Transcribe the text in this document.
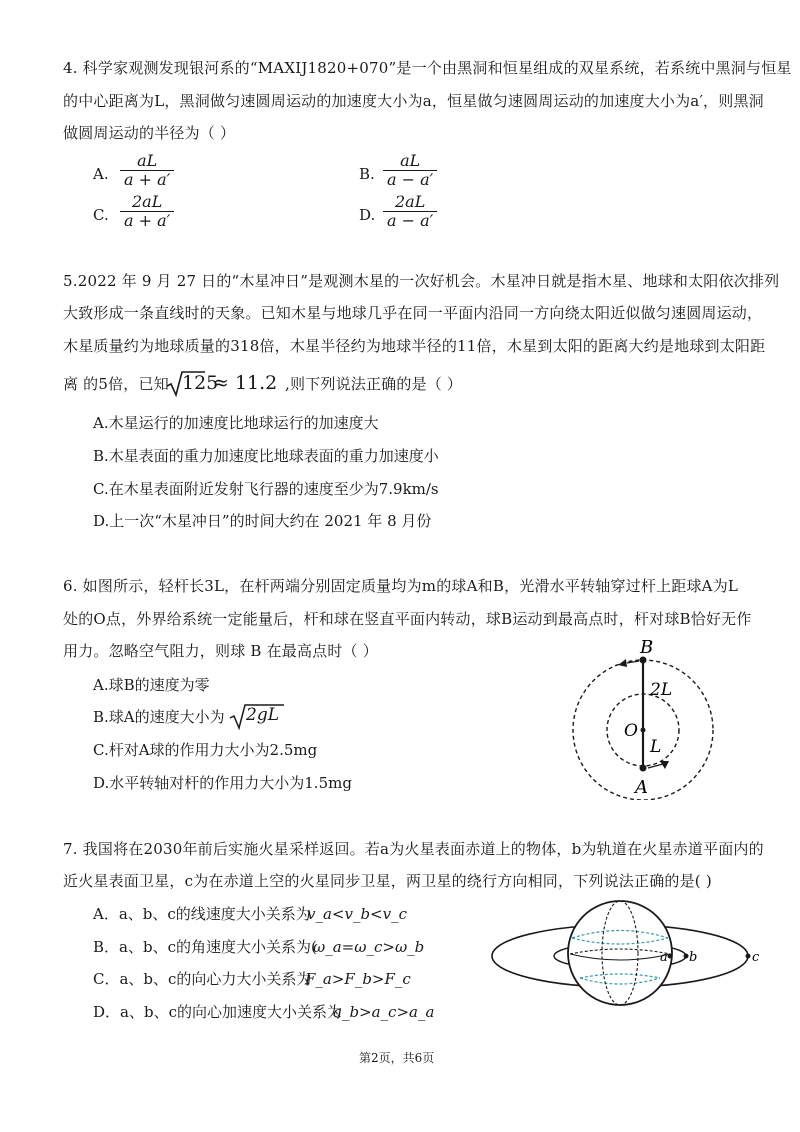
4. 科学家观测发现银河系的“MAXIJ1820+070”是一个由黑洞和恒星组成的双星系统，若系统中黑洞与恒星
的中心距离为L，黑洞做匀速圆周运动的加速度大小为a，恒星做匀速圆周运动的加速度大小为a′，则黑洞
做圆周运动的半径为（ ）
A. $\frac{aL}{a + a'}$	B. $\frac{aL}{a - a'}$
C. $\frac{2aL}{a + a'}$	D. $\frac{2aL}{a - a'}$
5.2022 年 9 月 27 日的“木星冲日”是观测木星的一次好机会。木星冲日就是指木星、地球和太阳依次排列
大致形成一条直线时的天象。已知木星与地球几乎在同一平面内沿同一方向绕太阳近似做匀速圆周运动，
木星质量约为地球质量的318倍，木星半径约为地球半径的11倍，木星到太阳的距离大约是地球到太阳距
离 的5倍，已知 125
≈ 11.2 ,则下列说法正确的是（ ）
A.木星运行的加速度比地球运行的加速度大
B.木星表面的重力加速度比地球表面的重力加速度小
C.在木星表面附近发射飞行器的速度至少为7.9km/s
D.上一次“木星冲日”的时间大约在 2021 年 8 月份
6. 如图所示，轻杆长3L，在杆两端分别固定质量均为m的球A和B，光滑水平转轴穿过杆上距球A为L
处的O点，外界给系统一定能量后，杆和球在竖直平面内转动，球B运动到最高点时，杆对球B恰好无作
用力。忽略空气阻力，则球 B 在最高点时（ ）
A.球B的速度为零
B.球A的速度大小为 2gL
C.杆对A球的作用力大小为2.5mg
D.水平转轴对杆的作用力大小为1.5mg
B
2L
O
L
A
7. 我国将在2030年前后实施火星采样返回。若a为火星表面赤道上的物体，b为轨道在火星赤道平面内的
近火星表面卫星，c为在赤道上空的火星同步卫星，两卫星的绕行方向相同，下列说法正确的是( )
A．a、b、c的线速度大小关系为
v_a<v_b<v_c
B．a、b、c的角速度大小关系为(
ω_a=ω_c>ω_b
C．a、b、c的向心力大小关系为
F_a>F_b>F_c
D．a、b、c的向心加速度大小关系为
a_b>a_c>a_a
a b	c
第2页，共6页
